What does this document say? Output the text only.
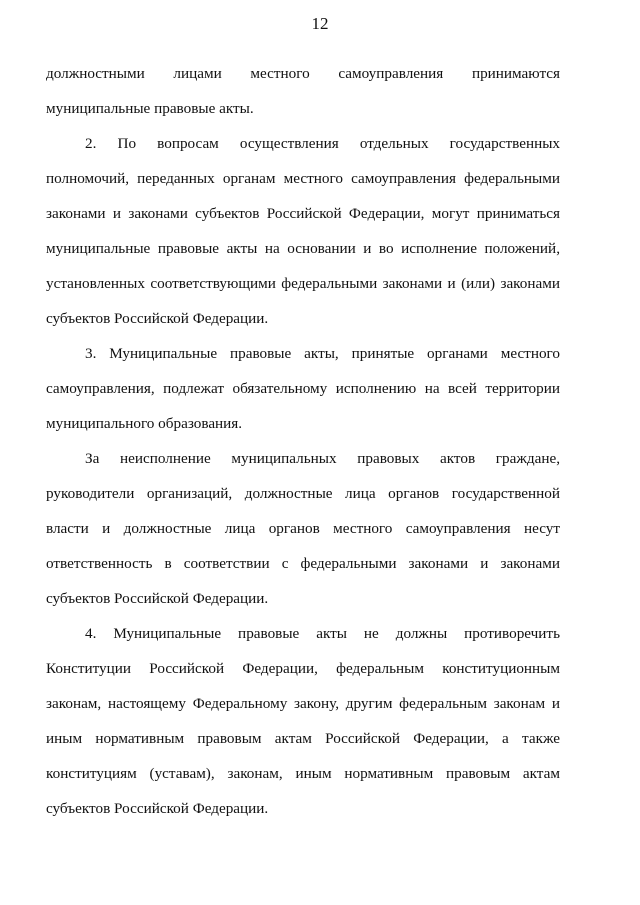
12
должностными лицами местного самоуправления принимаются
муниципальные правовые акты.
2. По вопросам осуществления отдельных государственных
полномочий, переданных органам местного самоуправления федеральными
законами и законами субъектов Российской Федерации, могут приниматься
муниципальные правовые акты на основании и во исполнение положений,
установленных соответствующими федеральными законами и (или) законами
субъектов Российской Федерации.
3. Муниципальные правовые акты, принятые органами местного
самоуправления, подлежат обязательному исполнению на всей территории
муниципального образования.
За неисполнение муниципальных правовых актов граждане,
руководители организаций, должностные лица органов государственной
власти и должностные лица органов местного самоуправления несут
ответственность в соответствии с федеральными законами и законами
субъектов Российской Федерации.
4. Муниципальные правовые акты не должны противоречить
Конституции Российской Федерации, федеральным конституционным
законам, настоящему Федеральному закону, другим федеральным законам и
иным нормативным правовым актам Российской Федерации, а также
конституциям (уставам), законам, иным нормативным правовым актам
субъектов Российской Федерации.
